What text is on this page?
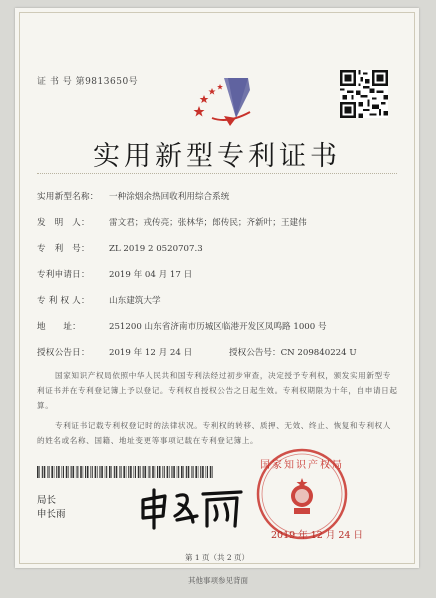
证 书 号 第9813650号
实用新型专利证书
实用新型名称： 一种涂烟余热回收利用综合系统
发　明　人： 雷文君；戎传亮；张林华；郎传民；齐新叶；王建伟
专　利　号： ZL 2019 2 0520707.3
专利申请日： 2019 年 04 月 17 日
专 利 权 人： 山东建筑大学
地　　址：	251200 山东省济南市历城区临港开发区凤鸣路 1000 号
授权公告日： 2019 年 12 月 24 日	授权公告号：CN 209840224 U
国家知识产权局依照中华人民共和国专利法经过初步审查，决定授予专利权，颁发实用新型专利证书并在专利登记簿上予以登记。专利权自授权公告之日起生效。专利权期限为十年，自申请日起算。
专利证书记载专利权登记时的法律状况。专利权的转移、质押、无效、终止、恢复和专利权人的姓名或名称、国籍、地址变更等事项记载在专利登记簿上。
局长
申长雨
国家知识产权局
2019 年 12 月 24 日
第 1 页（共 2 页）
其他事项参见背面
